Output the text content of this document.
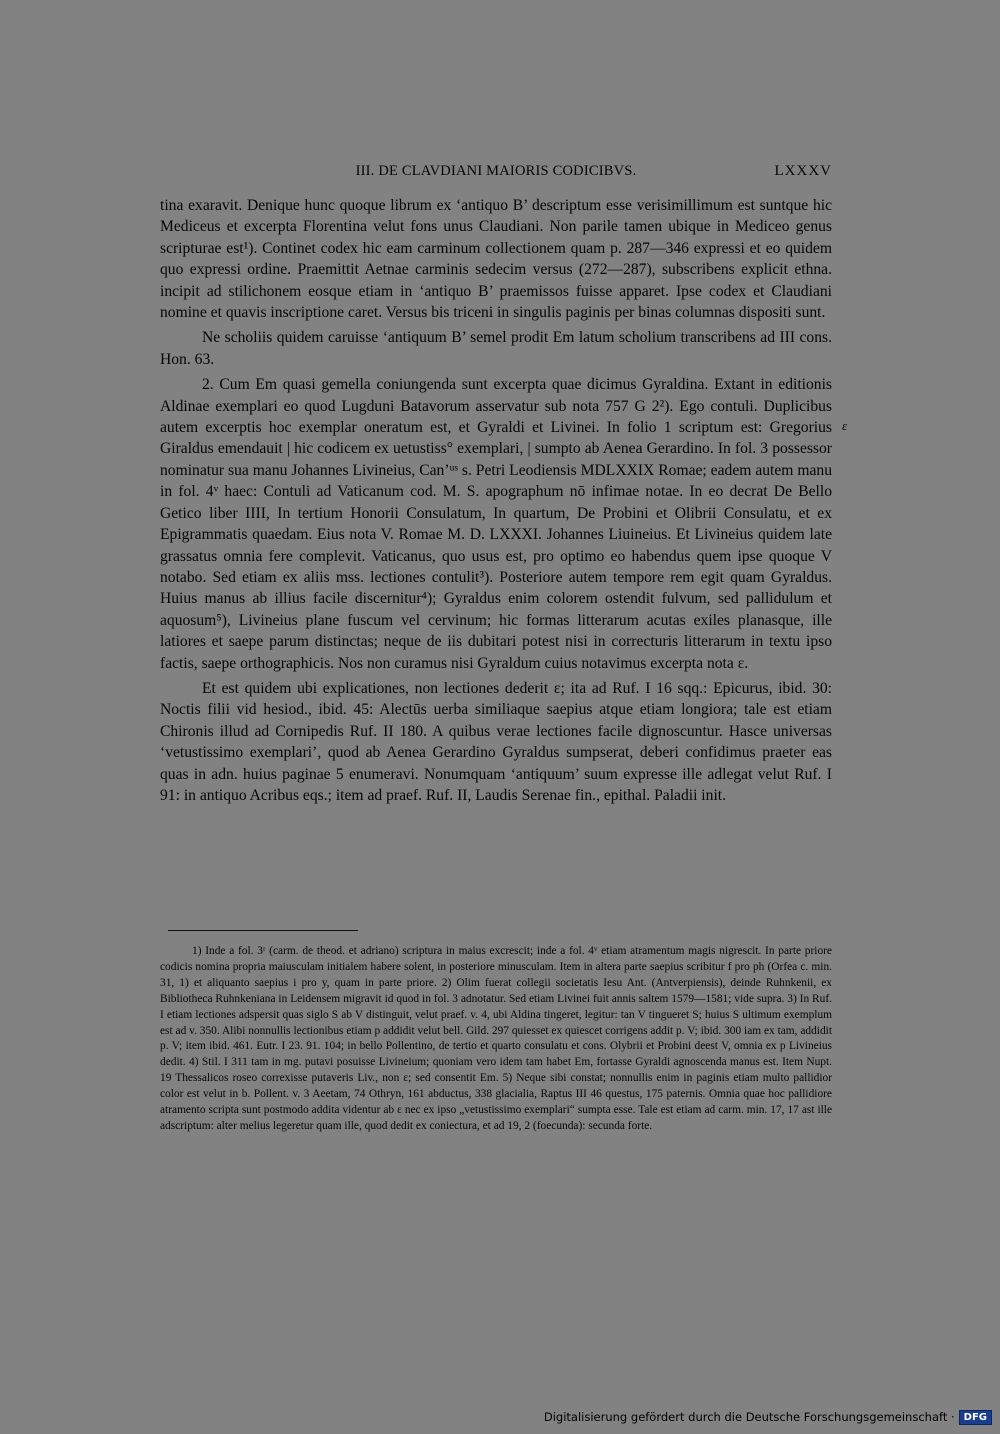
III. DE CLAVDIANI MAIORIS CODICIBVS.	LXXXV

tina exaravit. Denique hunc quoque librum ex ‘antiquo B’ descriptum esse verisimillimum est suntque hic Mediceus et excerpta Florentina velut fons unus Claudiani. Non parile tamen ubique in Mediceo genus scripturae est¹). Continet codex hic eam carminum collectionem quam p. 287—346 expressi et eo quidem quo expressi ordine. Praemittit Aetnae carminis sedecim versus (272—287), subscribens explicit ethna. incipit ad stilichonem eosque etiam in ‘antiquo B’ praemissos fuisse apparet. Ipse codex et Claudiani nomine et quavis inscriptione caret. Versus bis triceni in singulis paginis per binas columnas dispositi sunt.

Ne scholiis quidem caruisse ‘antiquum B’ semel prodit Em latum scholium transcribens ad III cons. Hon. 63.

2. Cum Em quasi gemella coniungenda sunt excerpta quae dicimus Gyraldina. Extant in editionis Aldinae exemplari eo quod Lugduni Batavorum asservatur sub nota 757 G 2²). Ego contuli. Duplicibus autem excerptis hoc exemplar oneratum est, et Gyraldi et Livinei. In folio 1 scriptum est: Gregorius Giraldus emendauit | hic codicem ex uetustiss° exemplari, | sumpto ab Aenea Gerardino. In fol. 3 possessor nominatur sua manu Johannes Livineius, Can’ᵘˢ s. Petri Leodiensis MDLXXIX Romae; eadem autem manu in fol. 4ᵛ haec: Contuli ad Vaticanum cod. M. S. apographum nō infimae notae. In eo decrat De Bello Getico liber IIII, In tertium Honorii Consulatum, In quartum, De Probini et Olibrii Consulatu, et ex Epigrammatis quaedam. Eius nota V. Romae M. D. LXXXI. Johannes Liuineius. Et Livineius quidem late grassatus omnia fere complevit. Vaticanus, quo usus est, pro optimo eo habendus quem ipse quoque V notabo. Sed etiam ex aliis mss. lectiones contulit³). Posteriore autem tempore rem egit quam Gyraldus. Huius manus ab illius facile discernitur⁴); Gyraldus enim colorem ostendit fulvum, sed pallidulum et aquosum⁵), Livineius plane fuscum vel cervinum; hic formas litterarum acutas exiles planasque, ille latiores et saepe parum distinctas; neque de iis dubitari potest nisi in correcturis litterarum in textu ipso factis, saepe orthographicis. Nos non curamus nisi Gyraldum cuius notavimus excerpta nota ε.

Et est quidem ubi explicationes, non lectiones dederit ε; ita ad Ruf. I 16 sqq.: Epicurus, ibid. 30: Noctis filii vid hesiod., ibid. 45: Alectūs uerba similiaque saepius atque etiam longiora; tale est etiam Chironis illud ad Cornipedis Ruf. II 180. A quibus verae lectiones facile dignoscuntur. Hasce universas ‘vetustissimo exemplari’, quod ab Aenea Gerardino Gyraldus sumpserat, deberi confidimus praeter eas quas in adn. huius paginae 5 enumeravi. Nonumquam ‘antiquum’ suum expresse ille adlegat velut Ruf. I 91: in antiquo Acribus eqs.; item ad praef. Ruf. II, Laudis Serenae fin., epithal. Paladii init.

ε

1) Inde a fol. 3ʳ (carm. de theod. et adriano) scriptura in maius excrescit; inde a fol. 4ᵛ etiam atramentum magis nigrescit. In parte priore codicis nomina propria maiusculam initialem habere solent, in posteriore minusculam. Item in altera parte saepius scribitur f pro ph (Orfea c. min. 31, 1) et aliquanto saepius i pro y, quam in parte priore. 2) Olim fuerat collegii societatis Iesu Ant. (Antverpiensis), deinde Ruhnkenii, ex Bibliotheca Ruhnkeniana in Leidensem migravit id quod in fol. 3 adnotatur. Sed etiam Livinei fuit annis saltem 1579—1581; vide supra. 3) In Ruf. I etiam lectiones adspersit quas siglo S ab V distinguit, velut praef. v. 4, ubi Aldina tingeret, legitur: tan V tingueret S; huius S ultimum exemplum est ad v. 350. Alibi nonnullis lectionibus etiam p addidit velut bell. Gild. 297 quiesset ex quiescet corrigens addit p. V; ibid. 300 iam ex tam, addidit p. V; item ibid. 461. Eutr. I 23. 91. 104; in bello Pollentino, de tertio et quarto consulatu et cons. Olybrii et Probini deest V, omnia ex p Livineius dedit. 4) Stil. I 311 tam in mg. putavi posuisse Livineium; quoniam vero idem tam habet Em, fortasse Gyraldi agnoscenda manus est. Item Nupt. 19 Thessalicos roseo correxisse putaveris Liv., non ε; sed consentit Em. 5) Neque sibi constat; nonnullis enim in paginis etiam multo pallidior color est velut in b. Pollent. v. 3 Aeetam, 74 Othryn, 161 abductus, 338 glacialia, Raptus III 46 questus, 175 paternis. Omnia quae hoc pallidiore atramento scripta sunt postmodo addita videntur ab ε nec ex ipso „vetustissimo exemplari“ sumpta esse. Tale est etiam ad carm. min. 17, 17 ast ille adscriptum: alter melius legeretur quam ille, quod dedit ex coniectura, et ad 19, 2 (foecunda): secunda forte.

Digitalisierung gefördert durch die Deutsche Forschungsgemeinschaft · DFG
